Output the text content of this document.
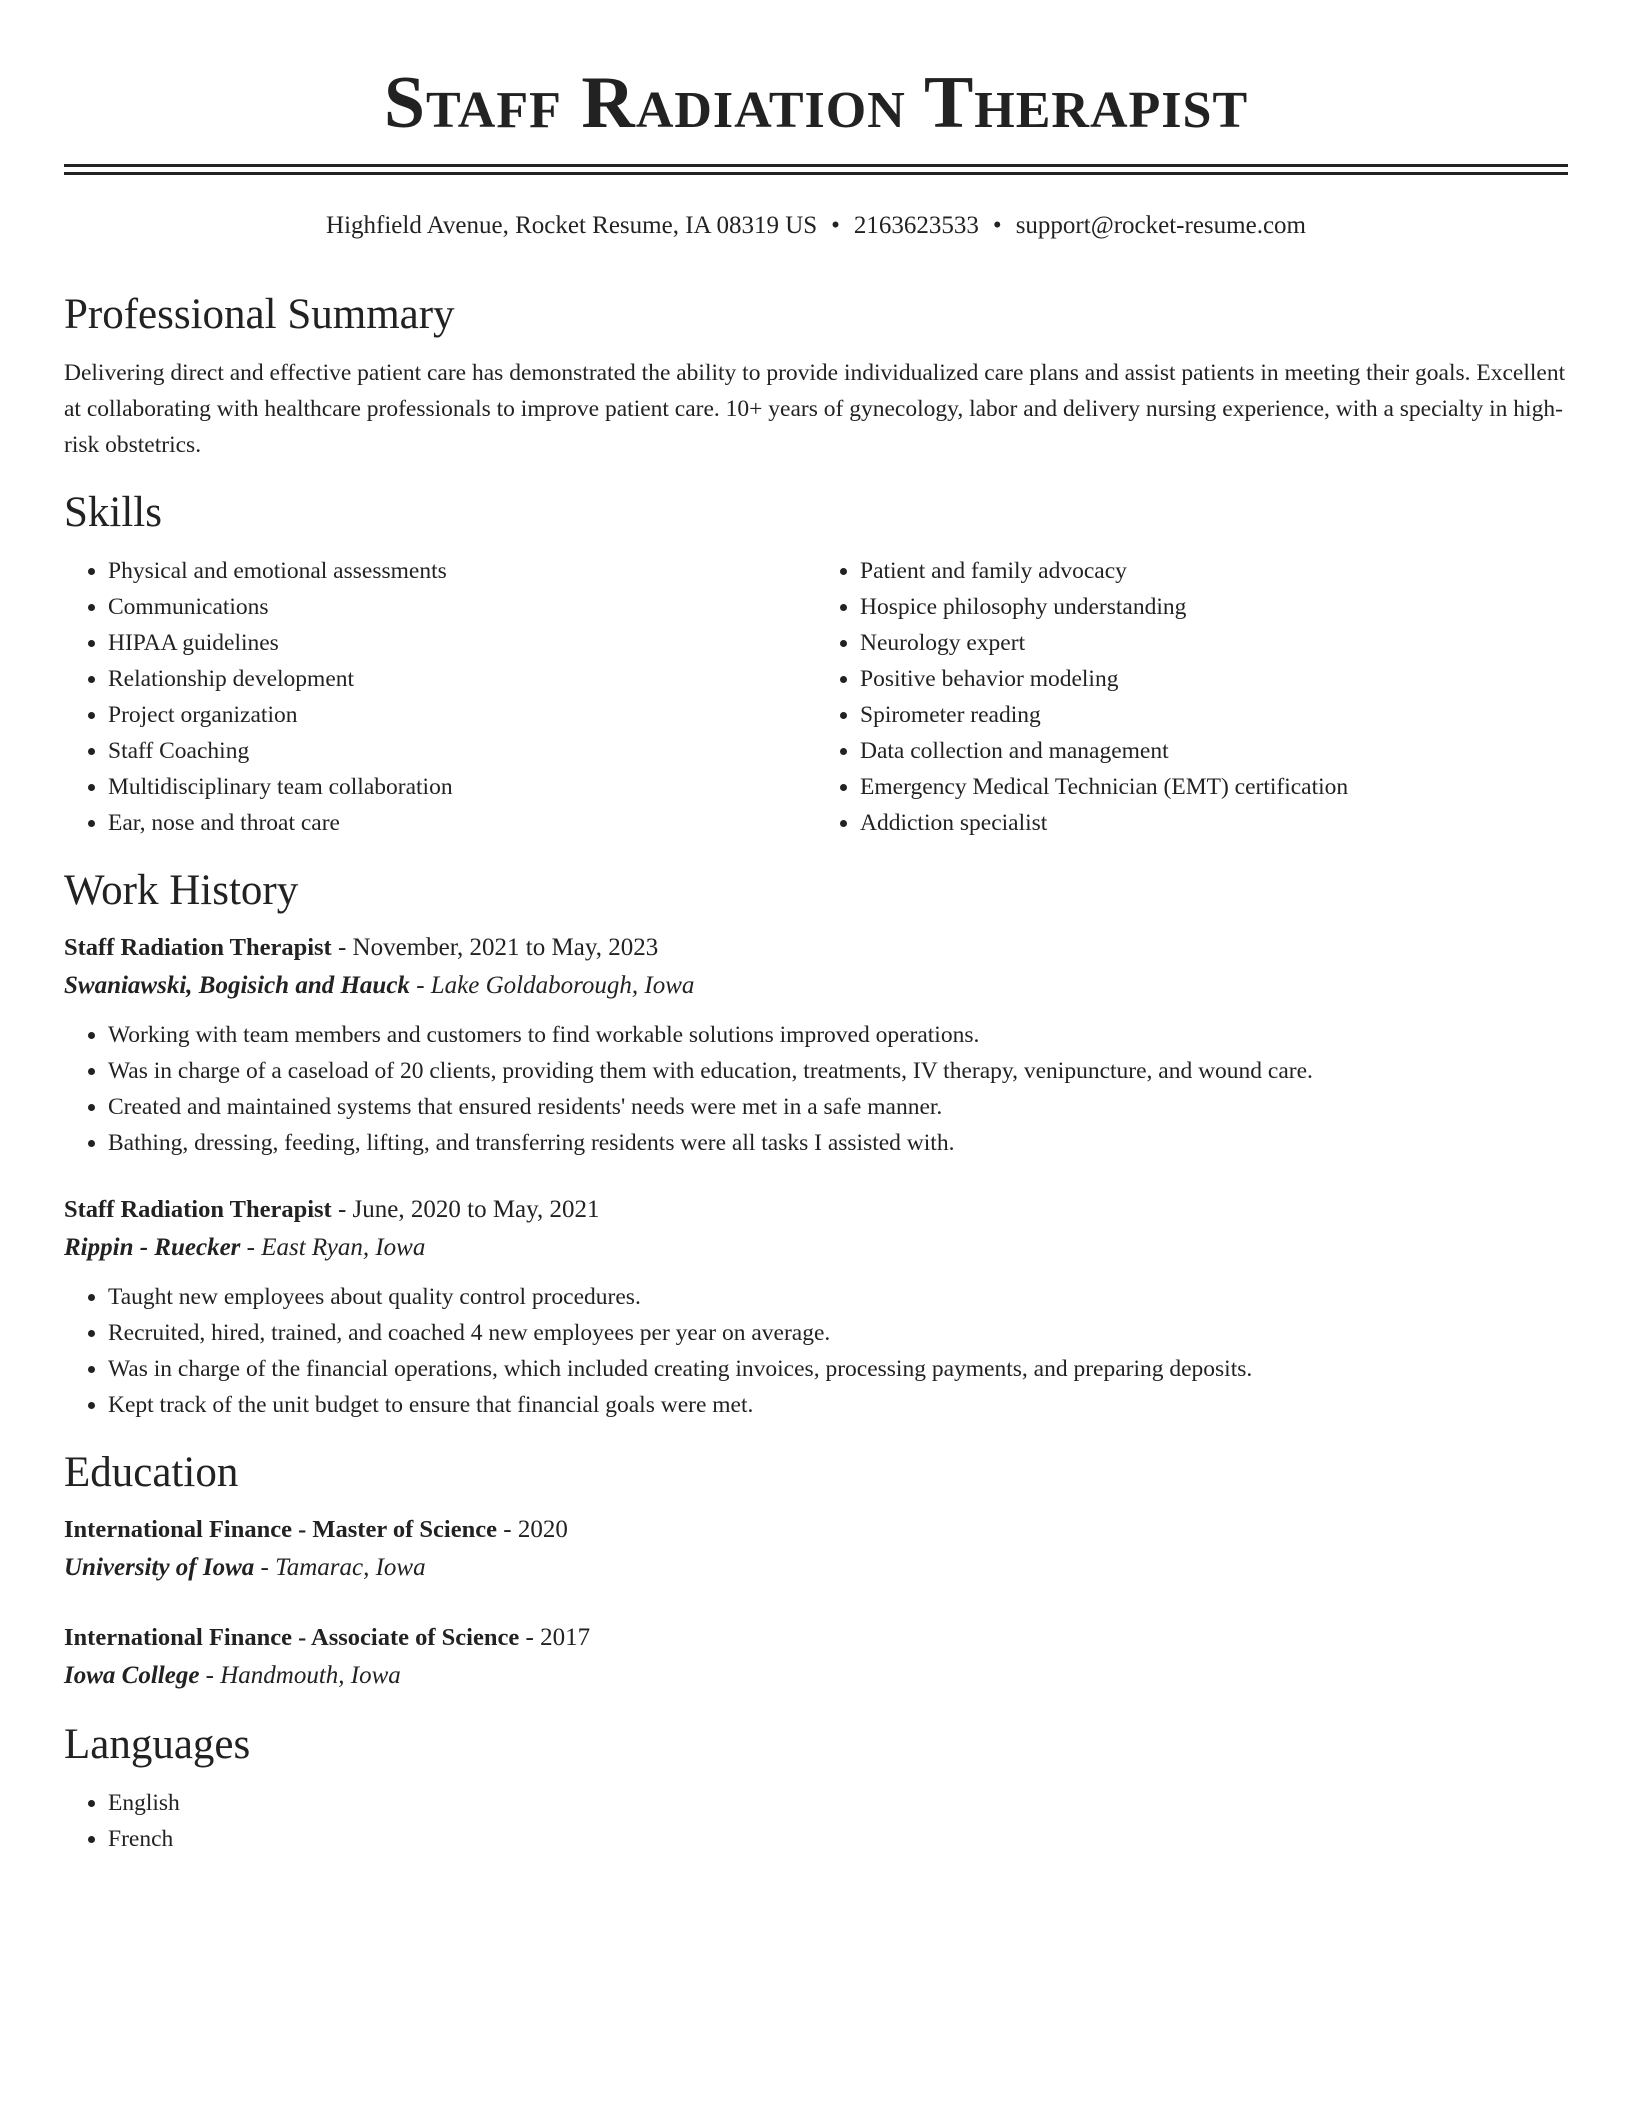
Staff Radiation Therapist
Highfield Avenue, Rocket Resume, IA 08319 US • 2163623533 • support@rocket-resume.com
Professional Summary
Delivering direct and effective patient care has demonstrated the ability to provide individualized care plans and assist patients in meeting their goals. Excellent at collaborating with healthcare professionals to improve patient care. 10+ years of gynecology, labor and delivery nursing experience, with a specialty in high-risk obstetrics.
Skills
• Physical and emotional assessments
• Communications
• HIPAA guidelines
• Relationship development
• Project organization
• Staff Coaching
• Multidisciplinary team collaboration
• Ear, nose and throat care
• Patient and family advocacy
• Hospice philosophy understanding
• Neurology expert
• Positive behavior modeling
• Spirometer reading
• Data collection and management
• Emergency Medical Technician (EMT) certification
• Addiction specialist
Work History
Staff Radiation Therapist - November, 2021 to May, 2023
Swaniawski, Bogisich and Hauck - Lake Goldaborough, Iowa
• Working with team members and customers to find workable solutions improved operations.
• Was in charge of a caseload of 20 clients, providing them with education, treatments, IV therapy, venipuncture, and wound care.
• Created and maintained systems that ensured residents' needs were met in a safe manner.
• Bathing, dressing, feeding, lifting, and transferring residents were all tasks I assisted with.
Staff Radiation Therapist - June, 2020 to May, 2021
Rippin - Ruecker - East Ryan, Iowa
• Taught new employees about quality control procedures.
• Recruited, hired, trained, and coached 4 new employees per year on average.
• Was in charge of the financial operations, which included creating invoices, processing payments, and preparing deposits.
• Kept track of the unit budget to ensure that financial goals were met.
Education
International Finance - Master of Science - 2020
University of Iowa - Tamarac, Iowa
International Finance - Associate of Science - 2017
Iowa College - Handmouth, Iowa
Languages
• English
• French
